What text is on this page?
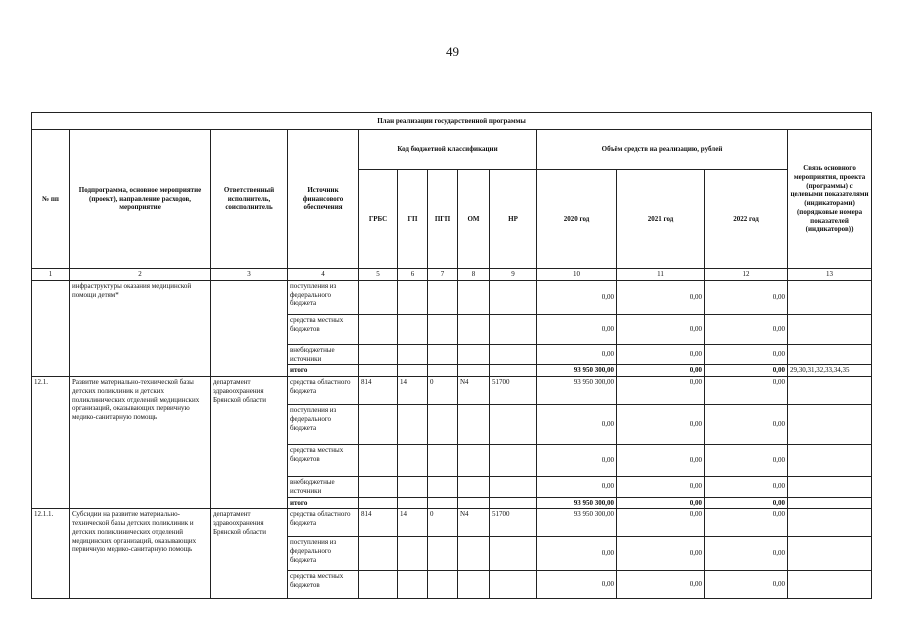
49
План реализации государственной программы												
№ пп	Подпрограмма, основное мероприятие (проект), направление расходов, мероприятие	Ответственный исполнитель, соисполнитель	Источник финансового обеспечения	Код бюджетной классификации					Объём средств на реализацию, рублей			Связь основного мероприятия, проекта (программы) с целевыми показателями (индикаторами) (порядковые номера показателей (индикаторов))
				ГРБС	ГП	ПГП	ОМ	НР	2020 год	2021 год	2022 год	
1	2	3	4	5	6	7	8	9	10	11	12	13
	инфраструктуры оказания медицинской помощи детям*		поступления из федерального бюджета						0,00	0,00	0,00	
			средства местных бюджетов						0,00	0,00	0,00	
			внебюджетные источники						0,00	0,00	0,00	
			итого						93 950 300,00	0,00	0,00	29,30,31,32,33,34,35
12.1.	Развитие материально-технической базы детских поликлиник и детских поликлинических отделений медицинских организаций, оказывающих первичную медико-санитарную помощь	департамент здравоохранения Брянской области	средства областного бюджета	814	14	0	N4	51700	93 950 300,00	0,00	0,00	
			поступления из федерального бюджета						0,00	0,00	0,00	
			средства местных бюджетов						0,00	0,00	0,00	
			внебюджетные источники						0,00	0,00	0,00	
			итого						93 950 300,00	0,00	0,00	
12.1.1.	Субсидии на развитие материально-технической базы детских поликлиник и детских поликлинических отделений медицинских организаций, оказывающих первичную медико-санитарную помощь	департамент здравоохранения Брянской области	средства областного бюджета	814	14	0	N4	51700	93 950 300,00	0,00	0,00	
			поступления из федерального бюджета						0,00	0,00	0,00	
			средства местных бюджетов						0,00	0,00	0,00	
